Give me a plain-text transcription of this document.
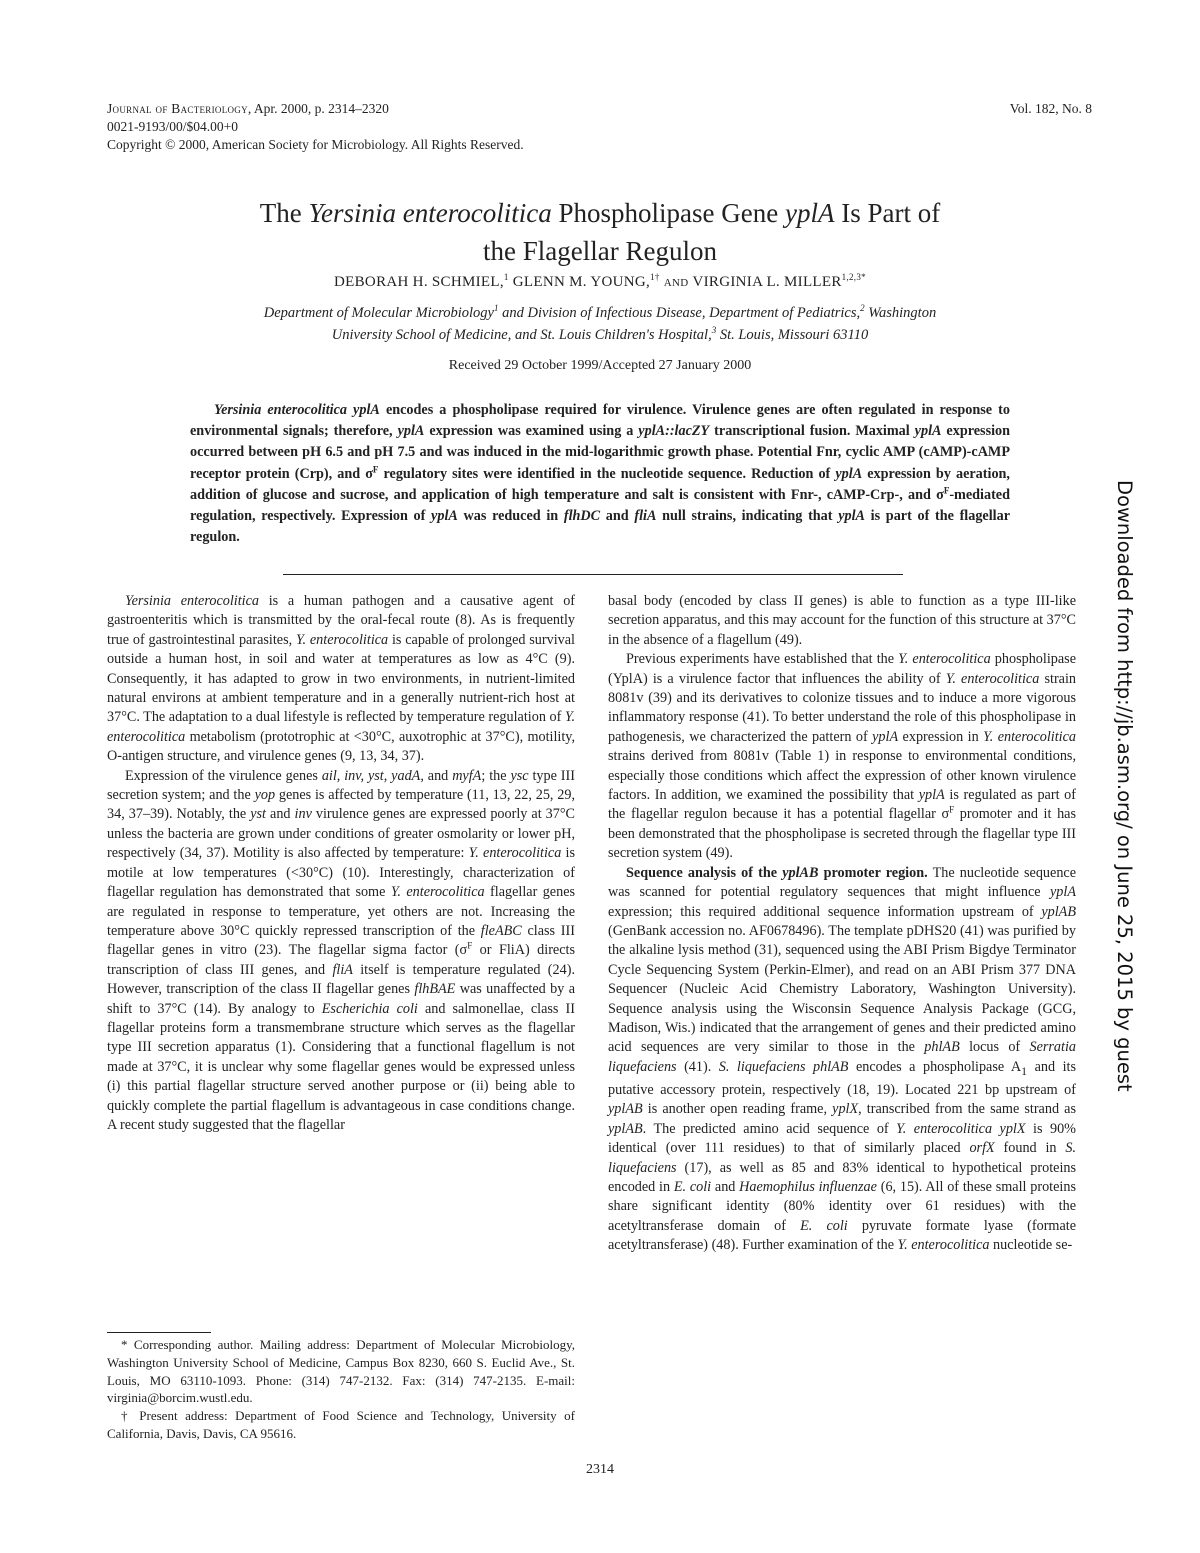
Journal of Bacteriology, Apr. 2000, p. 2314–2320
0021-9193/00/$04.00+0
Copyright © 2000, American Society for Microbiology. All Rights Reserved.
Vol. 182, No. 8
The Yersinia enterocolitica Phospholipase Gene yplA Is Part of
the Flagellar Regulon
DEBORAH H. SCHMIEL,$^1$ GLENN M. YOUNG,$^{1\dagger}$ and VIRGINIA L. $MILLER^{1,2,3*}$
Department of Molecular Microbiology$^1$ and Division of Infectious Disease, Department of Pediatrics,$^2$ Washington
University School of Medicine, and St. Louis Children's Hospital,$^3$ St. Louis, Missouri 63110
Received 29 October 1999/Accepted 27 January 2000
Yersinia enterocolitica yplA encodes a phospholipase required for virulence. Virulence genes are often regulated in response to environmental signals; therefore, yplA expression was examined using a yplA::lacZY transcriptional fusion. Maximal yplA expression occurred between pH 6.5 and pH 7.5 and was induced in the mid-logarithmic growth phase. Potential Fnr, cyclic AMP (cAMP)-cAMP receptor protein (Crp), and $\sigma^F$ regulatory sites were identified in the nucleotide sequence. Reduction of yplA expression by aeration, addition of glucose and sucrose, and application of high temperature and salt is consistent with Fnr-, cAMP-Crp-, and $\sigma^F$-mediated regulation, respectively. Expression of yplA was reduced in flhDC and fliA null strains, indicating that yplA is part of the flagellar regulon.

Yersinia enterocolitica is a human pathogen and a causative agent of gastroenteritis which is transmitted by the oral-fecal route (8). As is frequently true of gastrointestinal parasites, Y. enterocolitica is capable of prolonged survival outside a human host, in soil and water at temperatures as low as 4°C (9). Consequently, it has adapted to grow in two environments, in nutrient-limited natural environs at ambient temperature and in a generally nutrient-rich host at 37°C. The adaptation to a dual lifestyle is reflected by temperature regulation of Y. enterocolitica metabolism (prototrophic at <30°C, auxotrophic at 37°C), motility, O-antigen structure, and virulence genes (9, 13, 34, 37).

Expression of the virulence genes ail, inv, yst, yadA, and myfA; the ysc type III secretion system; and the yop genes is affected by temperature (11, 13, 22, 25, 29, 34, 37–39). Notably, the yst and inv virulence genes are expressed poorly at 37°C unless the bacteria are grown under conditions of greater osmolarity or lower pH, respectively (34, 37). Motility is also affected by temperature: Y. enterocolitica is motile at low temperatures (<30°C) (10). Interestingly, characterization of flagellar regulation has demonstrated that some Y. enterocolitica flagellar genes are regulated in response to temperature, yet others are not. Increasing the temperature above 30°C quickly repressed transcription of the fleABC class III flagellar genes in vitro (23). The flagellar sigma factor ($\sigma^F$ or FliA) directs transcription of class III genes, and fliA itself is temperature regulated (24). However, transcription of the class II flagellar genes flhBAE was unaffected by a shift to 37°C (14). By analogy to Escherichia coli and salmonellae, class II flagellar proteins form a transmembrane structure which serves as the flagellar type III secretion apparatus (1). Considering that a functional flagellum is not made at 37°C, it is unclear why some flagellar genes would be expressed unless (i) this partial flagellar structure served another purpose or (ii) being able to quickly complete the partial flagellum is advantageous in case conditions change. A recent study suggested that the flagellar

* Corresponding author. Mailing address: Department of Molecular Microbiology, Washington University School of Medicine, Campus Box 8230, 660 S. Euclid Ave., St. Louis, MO 63110-1093. Phone: (314) 747-2132. Fax: (314) 747-2135. E-mail: virginia@borcim.wustl.edu.

† Present address: Department of Food Science and Technology, University of California, Davis, Davis, CA 95616.

basal body (encoded by class II genes) is able to function as a type III-like secretion apparatus, and this may account for the function of this structure at 37°C in the absence of a flagellum (49).

Previous experiments have established that the Y. enterocolitica phospholipase (YplA) is a virulence factor that influences the ability of Y. enterocolitica strain 8081v (39) and its derivatives to colonize tissues and to induce a more vigorous inflammatory response (41). To better understand the role of this phospholipase in pathogenesis, we characterized the pattern of yplA expression in Y. enterocolitica strains derived from 8081v (Table 1) in response to environmental conditions, especially those conditions which affect the expression of other known virulence factors. In addition, we examined the possibility that yplA is regulated as part of the flagellar regulon because it has a potential flagellar $\sigma^F$ promoter and it has been demonstrated that the phospholipase is secreted through the flagellar type III secretion system (49).

Sequence analysis of the yplAB promoter region. The nucleotide sequence was scanned for potential regulatory sequences that might influence yplA expression; this required additional sequence information upstream of yplAB (GenBank accession no. AF0678496). The template pDHS20 (41) was purified by the alkaline lysis method (31), sequenced using the ABI Prism Bigdye Terminator Cycle Sequencing System (Perkin-Elmer), and read on an ABI Prism 377 DNA Sequencer (Nucleic Acid Chemistry Laboratory, Washington University). Sequence analysis using the Wisconsin Sequence Analysis Package (GCG, Madison, Wis.) indicated that the arrangement of genes and their predicted amino acid sequences are very similar to those in the phlAB locus of Serratia liquefaciens (41). S. liquefaciens phlAB encodes a phospholipase $A_1$ and its putative accessory protein, respectively (18, 19). Located 221 bp upstream of yplAB is another open reading frame, yplX, transcribed from the same strand as yplAB. The predicted amino acid sequence of Y. enterocolitica yplX is 90% identical (over 111 residues) to that of similarly placed orfX found in S. liquefaciens (17), as well as 85 and 83% identical to hypothetical proteins encoded in E. coli and Haemophilus influenzae (6, 15). All of these small proteins share significant identity (80% identity over 61 residues) with the acetyltransferase domain of E. coli pyruvate formate lyase (formate acetyltransferase) (48). Further examination of the Y. enterocolitica nucleotide se-

2314
Downloaded from http://jb.asm.org/ on June 25, 2015 by guest
